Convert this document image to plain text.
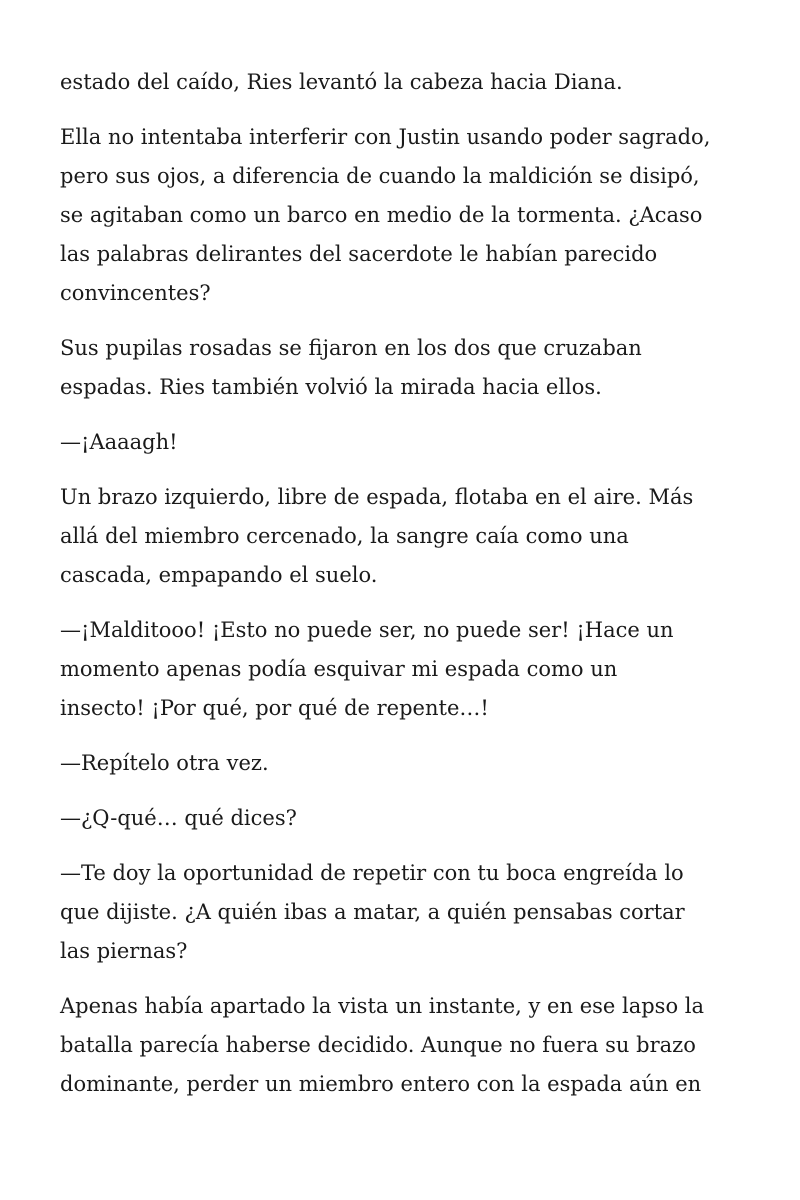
estado del caído, Ries levantó la cabeza hacia Diana.

Ella no intentaba interferir con Justin usando poder sagrado,
pero sus ojos, a diferencia de cuando la maldición se disipó,
se agitaban como un barco en medio de la tormenta. ¿Acaso
las palabras delirantes del sacerdote le habían parecido
convincentes?

Sus pupilas rosadas se fijaron en los dos que cruzaban
espadas. Ries también volvió la mirada hacia ellos.

—¡Aaaagh!

Un brazo izquierdo, libre de espada, flotaba en el aire. Más
allá del miembro cercenado, la sangre caía como una
cascada, empapando el suelo.

—¡Malditooo! ¡Esto no puede ser, no puede ser! ¡Hace un
momento apenas podía esquivar mi espada como un
insecto! ¡Por qué, por qué de repente…!

—Repítelo otra vez.

—¿Q-qué… qué dices?

—Te doy la oportunidad de repetir con tu boca engreída lo
que dijiste. ¿A quién ibas a matar, a quién pensabas cortar
las piernas?

Apenas había apartado la vista un instante, y en ese lapso la
batalla parecía haberse decidido. Aunque no fuera su brazo
dominante, perder un miembro entero con la espada aún en
